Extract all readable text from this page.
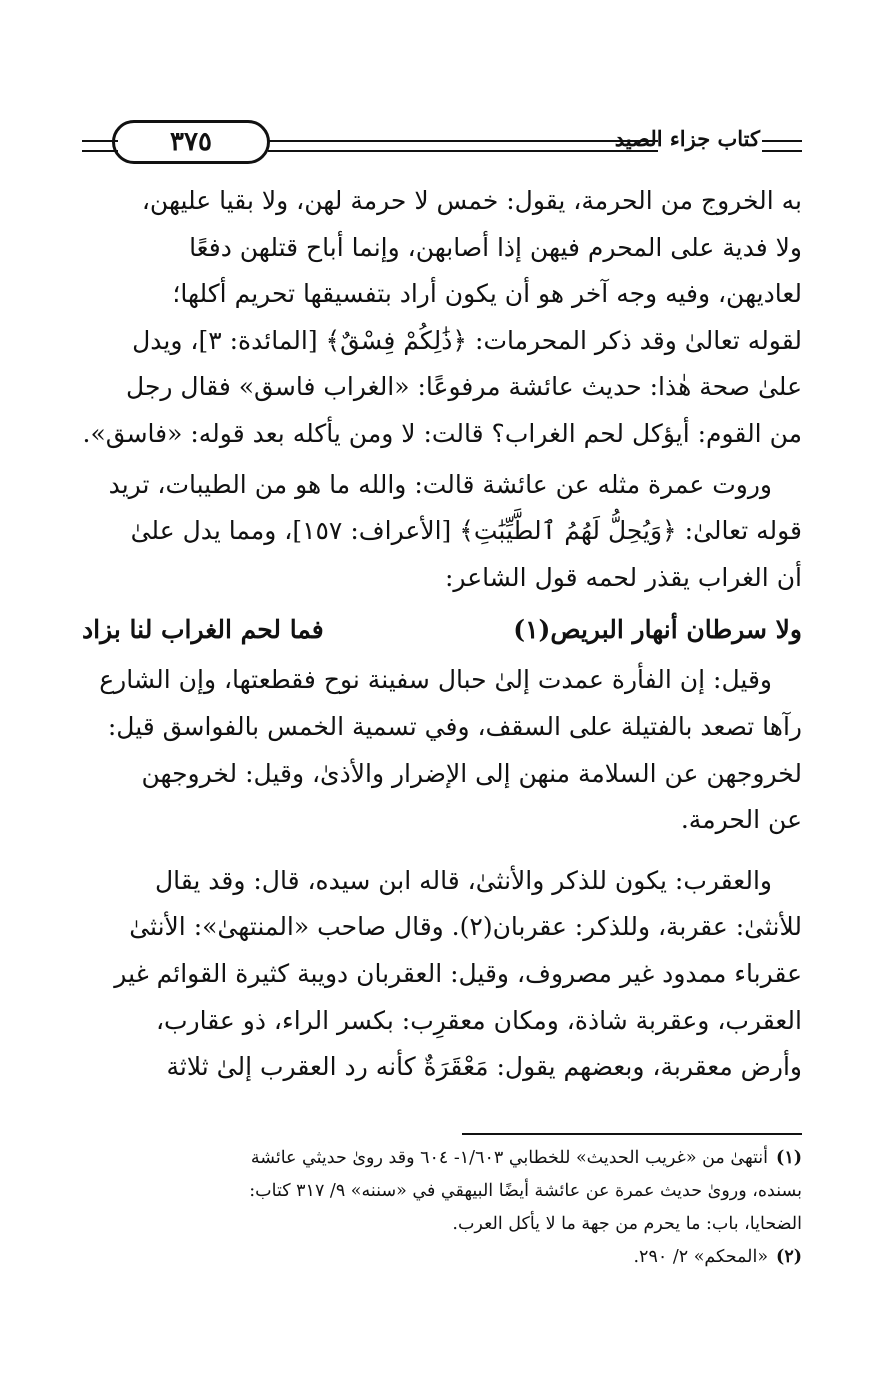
٣٧٥	كتاب جزاء الصيد
به الخروج من الحرمة، يقول: خمس لا حرمة لهن، ولا بقيا عليهن،
ولا فدية على المحرم فيهن إذا أصابهن، وإنما أباح قتلهن دفعًا
لعاديهن، وفيه وجه آخر هو أن يكون أراد بتفسيقها تحريم أكلها؛
لقوله تعالىٰ وقد ذكر المحرمات: ﴿ذَٰلِكُمْ فِسْقٌ﴾ [المائدة: ٣]، ويدل
علىٰ صحة هٰذا: حديث عائشة مرفوعًا: «الغراب فاسق» فقال رجل
من القوم: أيؤكل لحم الغراب؟ قالت: لا ومن يأكله بعد قوله: «فاسق».
وروت عمرة مثله عن عائشة قالت: والله ما هو من الطيبات، تريد
قوله تعالىٰ: ﴿وَيُحِلُّ لَهُمُ ٱلطَّيِّبَٰتِ﴾ [الأعراف: ١٥٧]، ومما يدل علىٰ
أن الغراب يقذر لحمه قول الشاعر:
ولا سرطان أنهار البريص(١)
فما لحم الغراب لنا بزاد
وقيل: إن الفأرة عمدت إلىٰ حبال سفينة نوح فقطعتها، وإن الشارع
رآها تصعد بالفتيلة على السقف، وفي تسمية الخمس بالفواسق قيل:
لخروجهن عن السلامة منهن إلى الإضرار والأذىٰ، وقيل: لخروجهن
عن الحرمة.
والعقرب: يكون للذكر والأنثىٰ، قاله ابن سيده، قال: وقد يقال
للأنثىٰ: عقربة، وللذكر: عقربان(٢). وقال صاحب «المنتهىٰ»: الأنثىٰ
عقرباء ممدود غير مصروف، وقيل: العقربان دويبة كثيرة القوائم غير
العقرب، وعقربة شاذة، ومكان معقرِب: بكسر الراء، ذو عقارب،
وأرض معقربة، وبعضهم يقول: مَعْقَرَةٌ كأنه رد العقرب إلىٰ ثلاثة
(١)أنتهىٰ من «غريب الحديث» للخطابي ١/٦٠٣- ٦٠٤ وقد روىٰ حديثي عائشة
بسنده، وروىٰ حديث عمرة عن عائشة أيضًا البيهقي في «سننه» ٩/ ٣١٧ كتاب:
الضحايا، باب: ما يحرم من جهة ما لا يأكل العرب.
(٢)«المحكم» ٢/ ٢٩٠.
